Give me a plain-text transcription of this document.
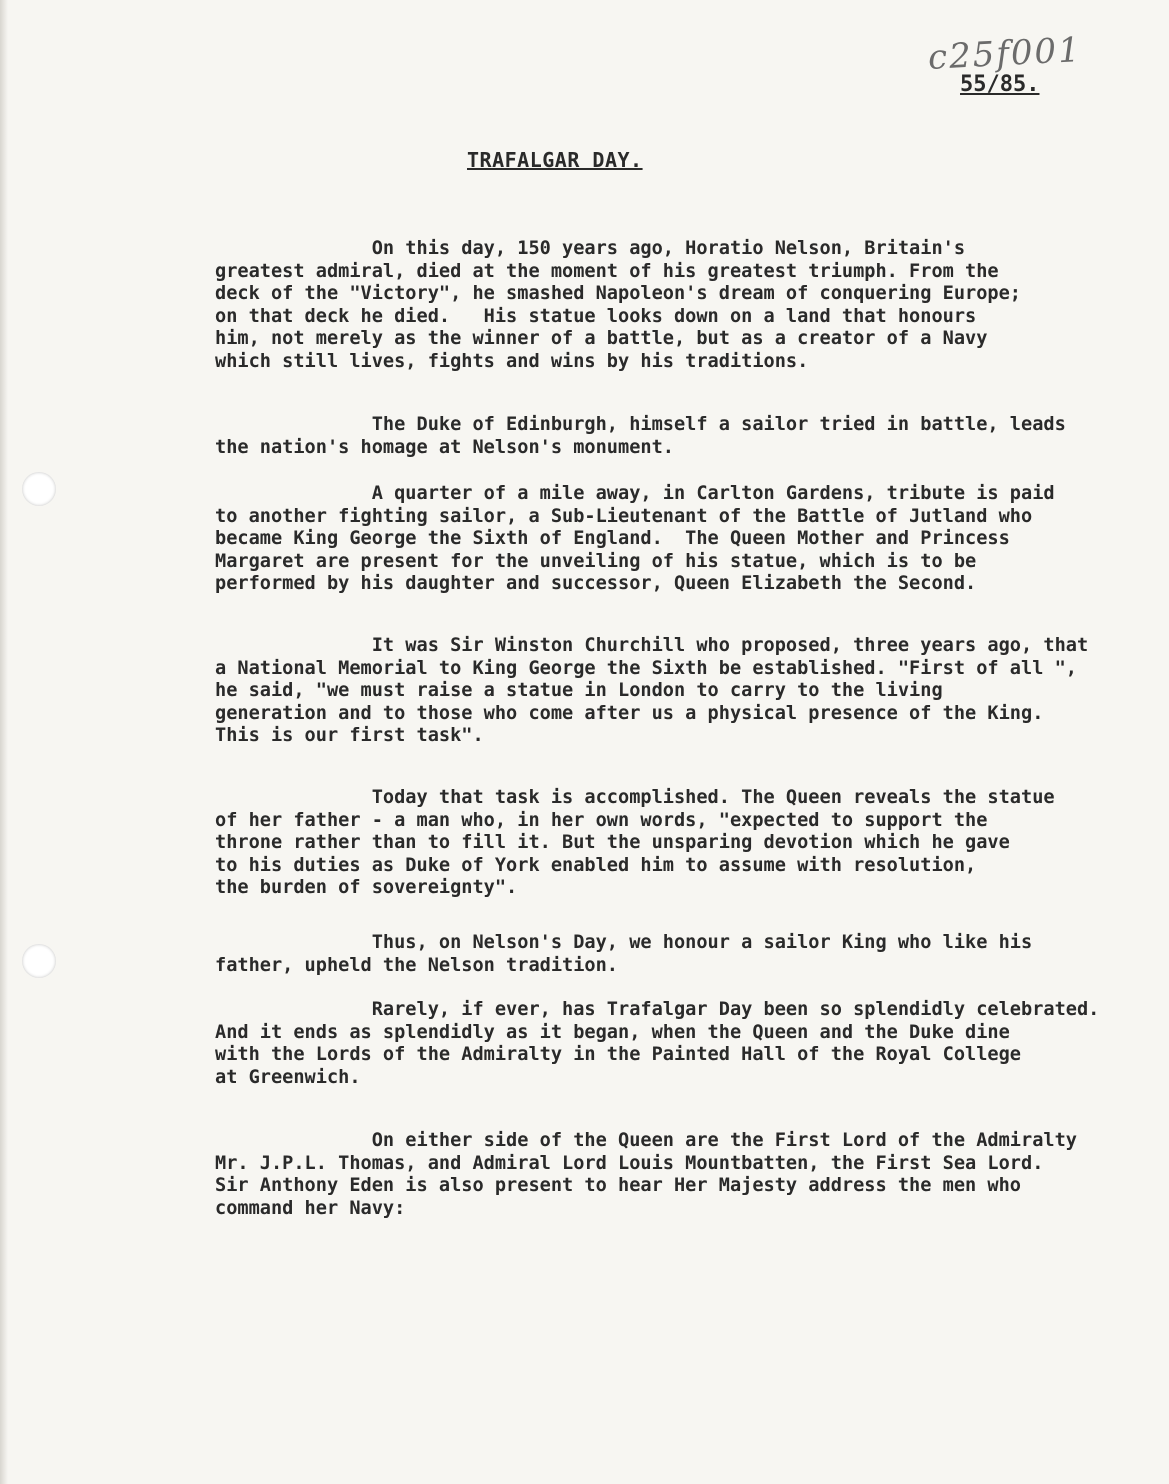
c25f001
55/85.
TRAFALGAR DAY.

On this day, 150 years ago, Horatio Nelson, Britain's
greatest admiral, died at the moment of his greatest triumph. From the
deck of the "Victory", he smashed Napoleon's dream of conquering Europe;
on that deck he died.   His statue looks down on a land that honours
him, not merely as the winner of a battle, but as a creator of a Navy
which still lives, fights and wins by his traditions.

The Duke of Edinburgh, himself a sailor tried in battle, leads
the nation's homage at Nelson's monument.

A quarter of a mile away, in Carlton Gardens, tribute is paid
to another fighting sailor, a Sub-Lieutenant of the Battle of Jutland who
became King George the Sixth of England.  The Queen Mother and Princess
Margaret are present for the unveiling of his statue, which is to be
performed by his daughter and successor, Queen Elizabeth the Second.

It was Sir Winston Churchill who proposed, three years ago, that
a National Memorial to King George the Sixth be established. "First of all ",
he said, "we must raise a statue in London to carry to the living
generation and to those who come after us a physical presence of the King.
This is our first task".

Today that task is accomplished. The Queen reveals the statue
of her father - a man who, in her own words, "expected to support the
throne rather than to fill it. But the unsparing devotion which he gave
to his duties as Duke of York enabled him to assume with resolution,
the burden of sovereignty".

Thus, on Nelson's Day, we honour a sailor King who like his
father, upheld the Nelson tradition.

Rarely, if ever, has Trafalgar Day been so splendidly celebrated.
And it ends as splendidly as it began, when the Queen and the Duke dine
with the Lords of the Admiralty in the Painted Hall of the Royal College
at Greenwich.

On either side of the Queen are the First Lord of the Admiralty
Mr. J.P.L. Thomas, and Admiral Lord Louis Mountbatten, the First Sea Lord.
Sir Anthony Eden is also present to hear Her Majesty address the men who
command her Navy:
